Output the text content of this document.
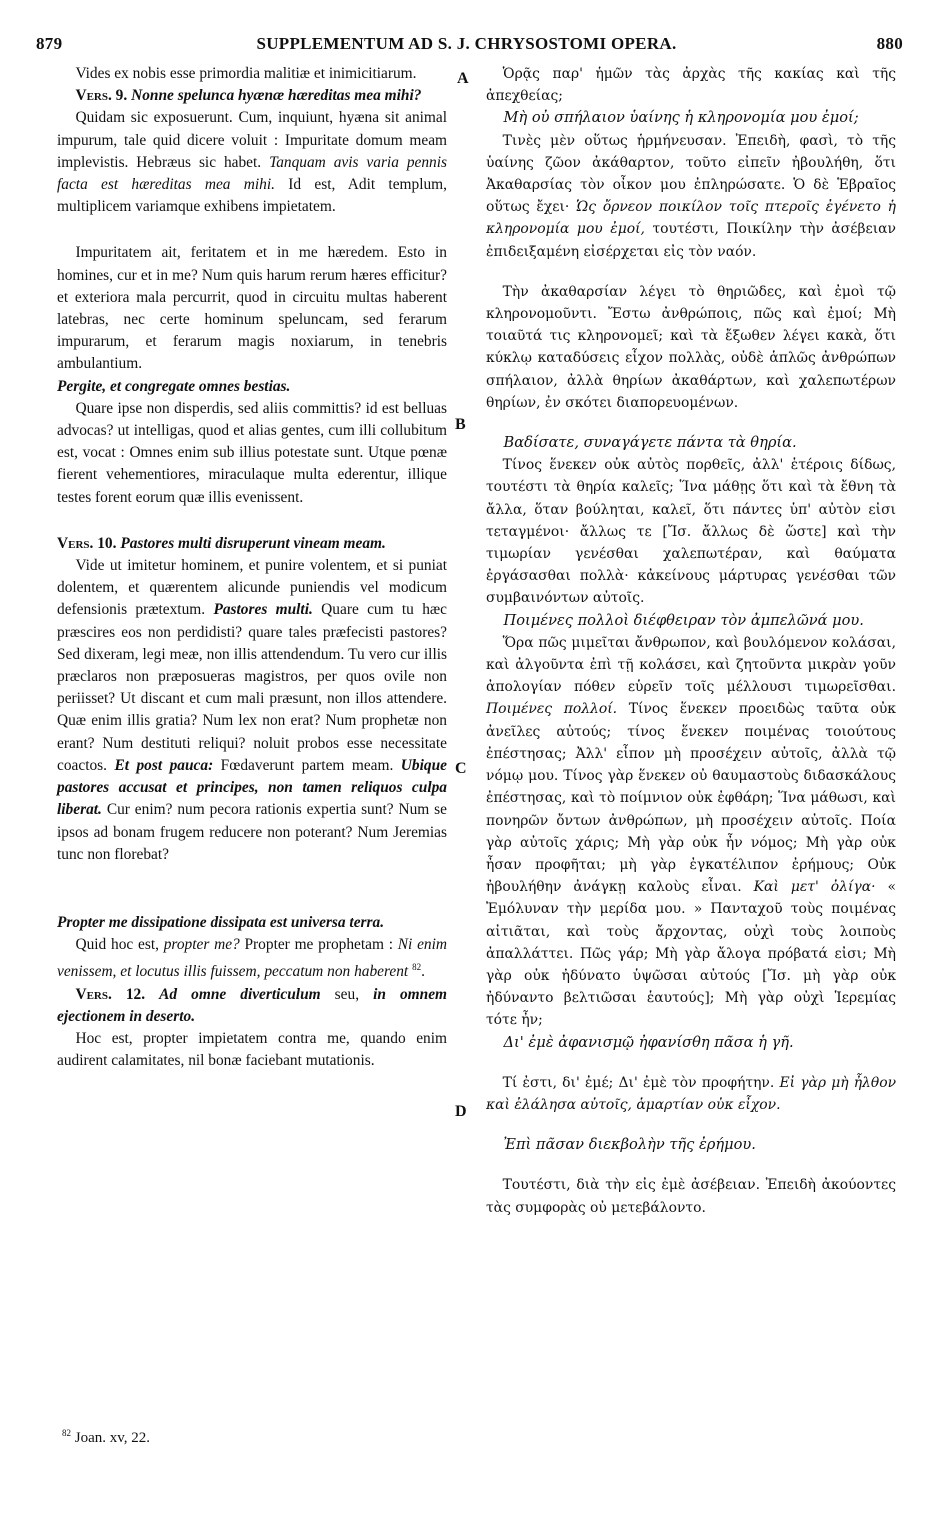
879	SUPPLEMENTUM AD S. J. CHRYSOSTOMI OPERA.	880
A
B
C
D

Vides ex nobis esse primordia malitiæ et inimicitiarum.

Vers. 9. Nonne spelunca hyænæ hæreditas mea mihi?

Quidam sic exposuerunt. Cum, inquiunt, hyæna sit animal impurum, tale quid dicere voluit : Impuritate domum meam implevistis. Hebræus sic habet. Tanquam avis varia pennis facta est hæreditas mea mihi. Id est, Adit templum, multiplicem variamque exhibens impietatem.

Impuritatem ait, feritatem et in me hæredem. Esto in homines, cur et in me? Num quis harum rerum hæres efficitur? et exteriora mala percurrit, quod in circuitu multas haberent latebras, nec certe hominum speluncam, sed ferarum impurarum, et ferarum magis noxiarum, in tenebris ambulantium.

Pergite, et congregate omnes bestias.

Quare ipse non disperdis, sed aliis committis? id est belluas advocas? ut intelligas, quod et alias gentes, cum illi collubitum est, vocat : Omnes enim sub illius potestate sunt. Utque pœnæ fierent vehementiores, miraculaque multa ederentur, illique testes forent eorum quæ illis evenissent.

Vers. 10. Pastores multi disruperunt vineam meam.

Vide ut imitetur hominem, et punire volentem, et si puniat dolentem, et quærentem alicunde puniendis vel modicum defensionis prætextum. Pastores multi. Quare cum tu hæc præscires eos non perdidisti? quare tales præfecisti pastores? Sed dixeram, legi meæ, non illis attendendum. Tu vero cur illis præclaros non præposueras magistros, per quos ovile non periisset? Ut discant et cum mali præsunt, non illos attendere. Quæ enim illis gratia? Num lex non erat? Num prophetæ non erant? Num destituti reliqui? noluit probos esse necessitate coactos. Et post pauca: Fœdaverunt partem meam. Ubique pastores accusat et principes, non tamen reliquos culpa liberat. Cur enim? num pecora rationis expertia sunt? Num se ipsos ad bonam frugem reducere non poterant? Num Jeremias tunc non florebat?

Propter me dissipatione dissipata est universa terra.

Quid hoc est, propter me? Propter me prophetam : Ni enim venissem, et locutus illis fuissem, peccatum non haberent $^{82}$.

Vers. 12. Ad omne diverticulum seu, in omnem ejectionem in deserto.

Hoc est, propter impietatem contra me, quando enim audirent calamitates, nil bonæ faciebant mutationis.

Ὁρᾷς παρ' ἡμῶν τὰς ἀρχὰς τῆς κακίας καὶ τῆς ἀπεχθείας;

Μὴ οὐ σπήλαιον ὑαίνης ἡ κληρονομία μου ἐμοί;

Τινὲς μὲν οὕτως ἡρμήνευσαν. Ἐπειδὴ, φασὶ, τὸ τῆς ὑαίνης ζῶον ἀκάθαρτον, τοῦτο εἰπεῖν ἠβουλήθη, ὅτι Ἀκαθαρσίας τὸν οἶκον μου ἐπληρώσατε. Ὁ δὲ Ἑβραῖος οὕτως ἔχει· Ὡς ὄρνεον ποικίλον τοῖς πτεροῖς ἐγένετο ἡ κληρονομία μου ἐμοί, τουτέστι, Ποικίλην τὴν ἀσέβειαν ἐπιδειξαμένη εἰσέρχεται εἰς τὸν ναόν.

Τὴν ἀκαθαρσίαν λέγει τὸ θηριῶδες, καὶ ἐμοὶ τῷ κληρονομοῦντι. Ἔστω ἀνθρώποις, πῶς καὶ ἐμοί; Μὴ τοιαῦτά τις κληρονομεῖ; καὶ τὰ ἔξωθεν λέγει κακὰ, ὅτι κύκλῳ καταδύσεις εἶχον πολλὰς, οὐδὲ ἁπλῶς ἀνθρώπων σπήλαιον, ἀλλὰ θηρίων ἀκαθάρτων, καὶ χαλεπωτέρων θηρίων, ἐν σκότει διαπορευομένων.

Βαδίσατε, συναγάγετε πάντα τὰ θηρία.

Τίνος ἕνεκεν οὐκ αὐτὸς πορθεῖς, ἀλλ' ἑτέροις δίδως, τουτέστι τὰ θηρία καλεῖς; Ἵνα μάθῃς ὅτι καὶ τὰ ἔθνη τὰ ἄλλα, ὅταν βούληται, καλεῖ, ὅτι πάντες ὑπ' αὐτὸν εἰσι τεταγμένοι· ἄλλως τε [Ἴσ. ἄλλως δὲ ὥστε] καὶ τὴν τιμωρίαν γενέσθαι χαλεπωτέραν, καὶ θαύματα ἐργάσασθαι πολλὰ· κἀκείνους μάρτυρας γενέσθαι τῶν συμβαινόντων αὐτοῖς.

Ποιμένες πολλοὶ διέφθειραν τὸν ἀμπελῶνά μου.

Ὅρα πῶς μιμεῖται ἄνθρωπον, καὶ βουλόμενον κολάσαι, καὶ ἀλγοῦντα ἐπὶ τῇ κολάσει, καὶ ζητοῦντα μικρὰν γοῦν ἀπολογίαν πόθεν εὑρεῖν τοῖς μέλλουσι τιμωρεῖσθαι. Ποιμένες πολλοί. Τίνος ἕνεκεν προειδὼς ταῦτα οὐκ ἀνεῖλες αὐτούς; τίνος ἕνεκεν ποιμένας τοιούτους ἐπέστησας; Ἀλλ' εἶπον μὴ προσέχειν αὐτοῖς, ἀλλὰ τῷ νόμῳ μου. Τίνος γὰρ ἕνεκεν οὐ θαυμαστοὺς διδασκάλους ἐπέστησας, καὶ τὸ ποίμνιον οὐκ ἐφθάρη; Ἵνα μάθωσι, καὶ πονηρῶν ὄντων ἀνθρώπων, μὴ προσέχειν αὐτοῖς. Ποία γὰρ αὐτοῖς χάρις; Μὴ γὰρ οὐκ ἦν νόμος; Μὴ γὰρ οὐκ ἦσαν προφῆται; μὴ γὰρ ἐγκατέλιπον ἐρήμους; Οὐκ ἠβουλήθην ἀνάγκῃ καλοὺς εἶναι. Καὶ μετ' ὀλίγα· « Ἐμόλυναν τὴν μερίδα μου. » Πανταχοῦ τοὺς ποιμένας αἰτιᾶται, καὶ τοὺς ἄρχοντας, οὐχὶ τοὺς λοιποὺς ἀπαλλάττει. Πῶς γάρ; Μὴ γὰρ ἄλογα πρόβατά εἰσι; Μὴ γὰρ οὐκ ἠδύνατο ὑψῶσαι αὐτούς [Ἴσ. μὴ γὰρ οὐκ ἠδύναντο βελτιῶσαι ἑαυτούς]; Μὴ γὰρ οὐχὶ Ἱερεμίας τότε ἦν;

Δι' ἐμὲ ἀφανισμῷ ἠφανίσθη πᾶσα ἡ γῆ.

Τί ἐστι, δι' ἐμέ; Δι' ἐμὲ τὸν προφήτην. Εἰ γὰρ μὴ ἦλθον καὶ ἐλάλησα αὐτοῖς, ἁμαρτίαν οὐκ εἶχον.

Ἐπὶ πᾶσαν διεκβολὴν τῆς ἐρήμου.

Τουτέστι, διὰ τὴν εἰς ἐμὲ ἀσέβειαν. Ἐπειδὴ ἀκούοντες τὰς συμφορὰς οὐ μετεβάλοντο.

$^{82}$ Joan. xv, 22.
